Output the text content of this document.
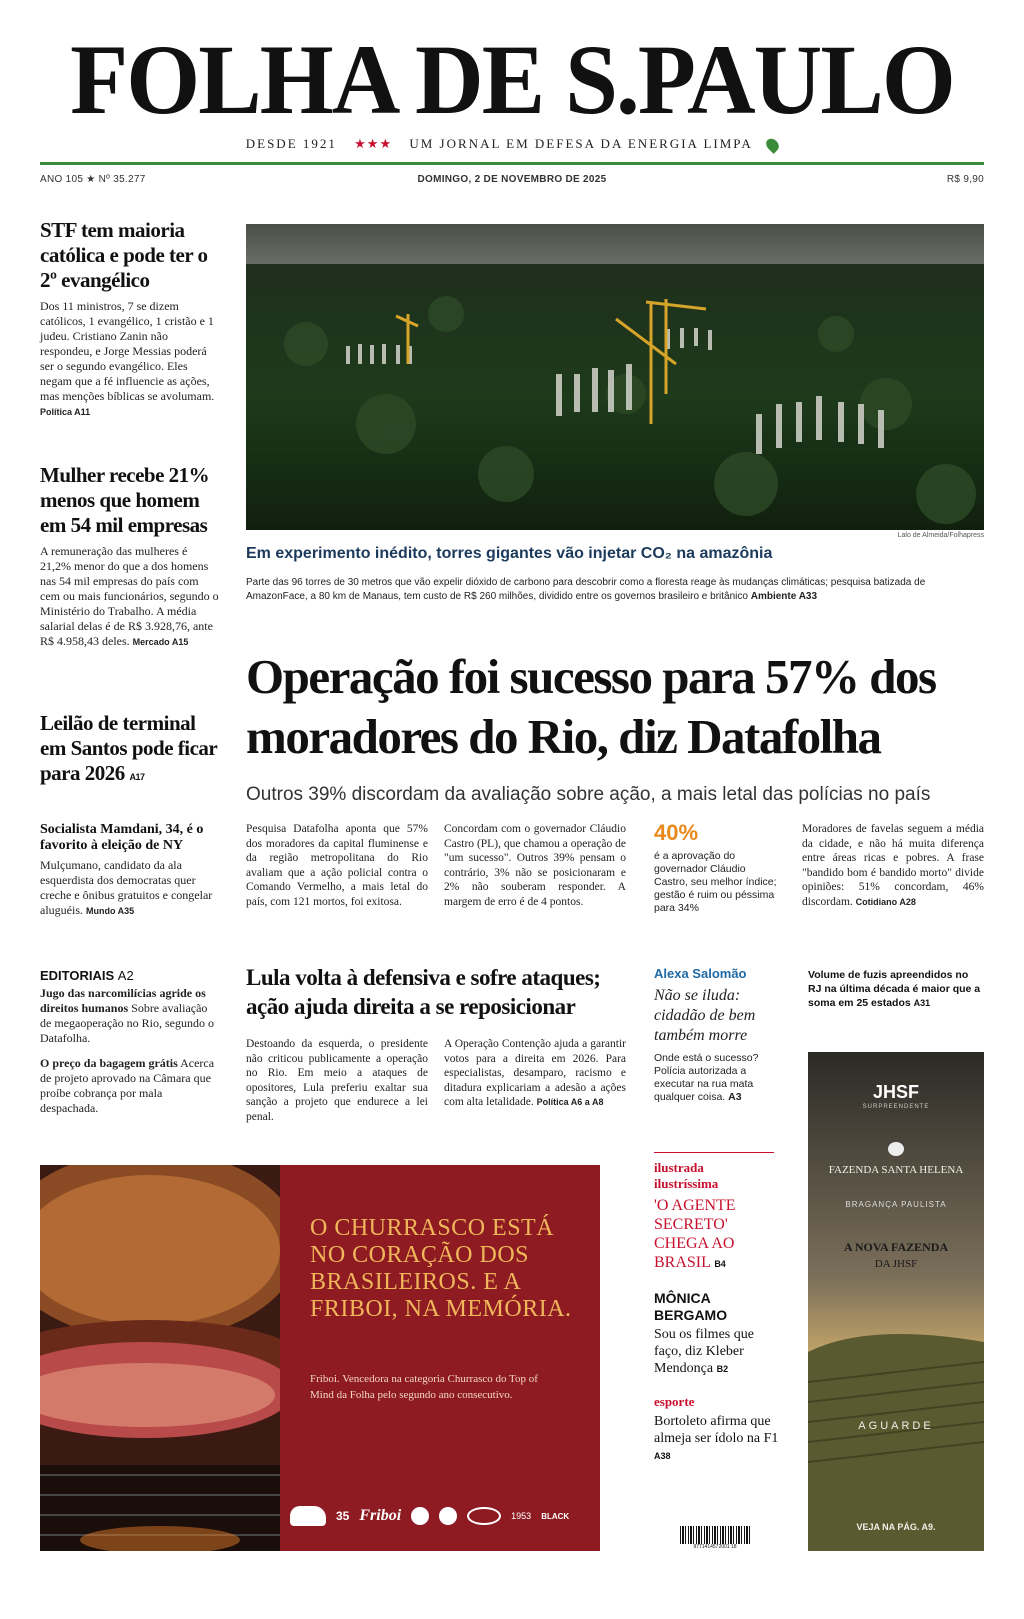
FOLHA DE S.PAULO
DESDE 1921 ★★★ UM JORNAL EM DEFESA DA ENERGIA LIMPA
ANO 105 ★ Nº 35.277	DOMINGO, 2 DE NOVEMBRO DE 2025	R$ 9,90
STF tem maioria católica e pode ter o 2º evangélico
Dos 11 ministros, 7 se dizem católicos, 1 evangélico, 1 cristão e 1 judeu. Cristiano Zanin não respondeu, e Jorge Messias poderá ser o segundo evangélico. Eles negam que a fé influencie as ações, mas menções bíblicas se avolumam. Política A11
Mulher recebe 21% menos que homem em 54 mil empresas
A remuneração das mulheres é 21,2% menor do que a dos homens nas 54 mil empresas do país com cem ou mais funcionários, segundo o Ministério do Trabalho. A média salarial delas é de R$ 3.928,76, ante R$ 4.958,43 deles. Mercado A15
Leilão de terminal em Santos pode ficar para 2026 A17
Socialista Mamdani, 34, é o favorito à eleição de NY
Mulçumano, candidato da ala esquerdista dos democratas quer creche e ônibus gratuitos e congelar aluguéis. Mundo A35
EDITORIAIS A2
Jugo das narcomilícias agride os direitos humanos Sobre avaliação de megaoperação no Rio, segundo o Datafolha.
O preço da bagagem grátis Acerca de projeto aprovado na Câmara que proíbe cobrança por mala despachada.
Lalo de Almeida/Folhapress
Em experimento inédito, torres gigantes vão injetar CO₂ na amazônia
Parte das 96 torres de 30 metros que vão expelir dióxido de carbono para descobrir como a floresta reage às mudanças climáticas; pesquisa batizada de AmazonFace, a 80 km de Manaus, tem custo de R$ 260 milhões, dividido entre os governos brasileiro e britânico Ambiente A33
Operação foi sucesso para 57% dos moradores do Rio, diz Datafolha
Outros 39% discordam da avaliação sobre ação, a mais letal das polícias no país
Pesquisa Datafolha aponta que 57% dos moradores da capital fluminense e da região metropolitana do Rio avaliam que a ação policial contra o Comando Vermelho, a mais letal do país, com 121 mortos, foi exitosa.
Concordam com o governador Cláudio Castro (PL), que chamou a operação de "um sucesso". Outros 39% pensam o contrário, 3% não se posicionaram e 2% não souberam responder. A margem de erro é de 4 pontos.
40%
é a aprovação do governador Cláudio Castro, seu melhor índice; gestão é ruim ou péssima para 34%
Moradores de favelas seguem a média da cidade, e não há muita diferença entre áreas ricas e pobres. A frase "bandido bom é bandido morto" divide opiniões: 51% concordam, 46% discordam. Cotidiano A28
Lula volta à defensiva e sofre ataques; ação ajuda direita a se reposicionar
Destoando da esquerda, o presidente não criticou publicamente a operação no Rio. Em meio a ataques de opositores, Lula preferiu exaltar sua sanção a projeto que endurece a lei penal.
A Operação Contenção ajuda a garantir votos para a direita em 2026. Para especialistas, desamparo, racismo e ditadura explicariam a adesão a ações com alta letalidade. Política A6 a A8
Alexa Salomão
Não se iluda: cidadão de bem também morre
Onde está o sucesso? Polícia autorizada a executar na rua mata qualquer coisa. A3
Volume de fuzis apreendidos no RJ na última década é maior que a soma em 25 estados A31
ilustrada
ilustríssima
'O AGENTE SECRETO' CHEGA AO BRASIL B4
MÔNICA BERGAMO
Sou os filmes que faço, diz Kleber Mendonça B2
esporte
Bortoleto afirma que almeja ser ídolo na F1 A38
9771414572001 18
O CHURRASCO ESTÁ NO CORAÇÃO DOS BRASILEIROS. E A FRIBOI, NA MEMÓRIA.
Friboi. Vencedora na categoria Churrasco do Top of Mind da Folha pelo segundo ano consecutivo.
35 Friboi	1953 BLACK
JHSF
SURPREENDENTE
FAZENDA SANTA HELENA
BRAGANÇA PAULISTA
A NOVA FAZENDA
DA JHSF
AGUARDE
VEJA NA PÁG. A9.
